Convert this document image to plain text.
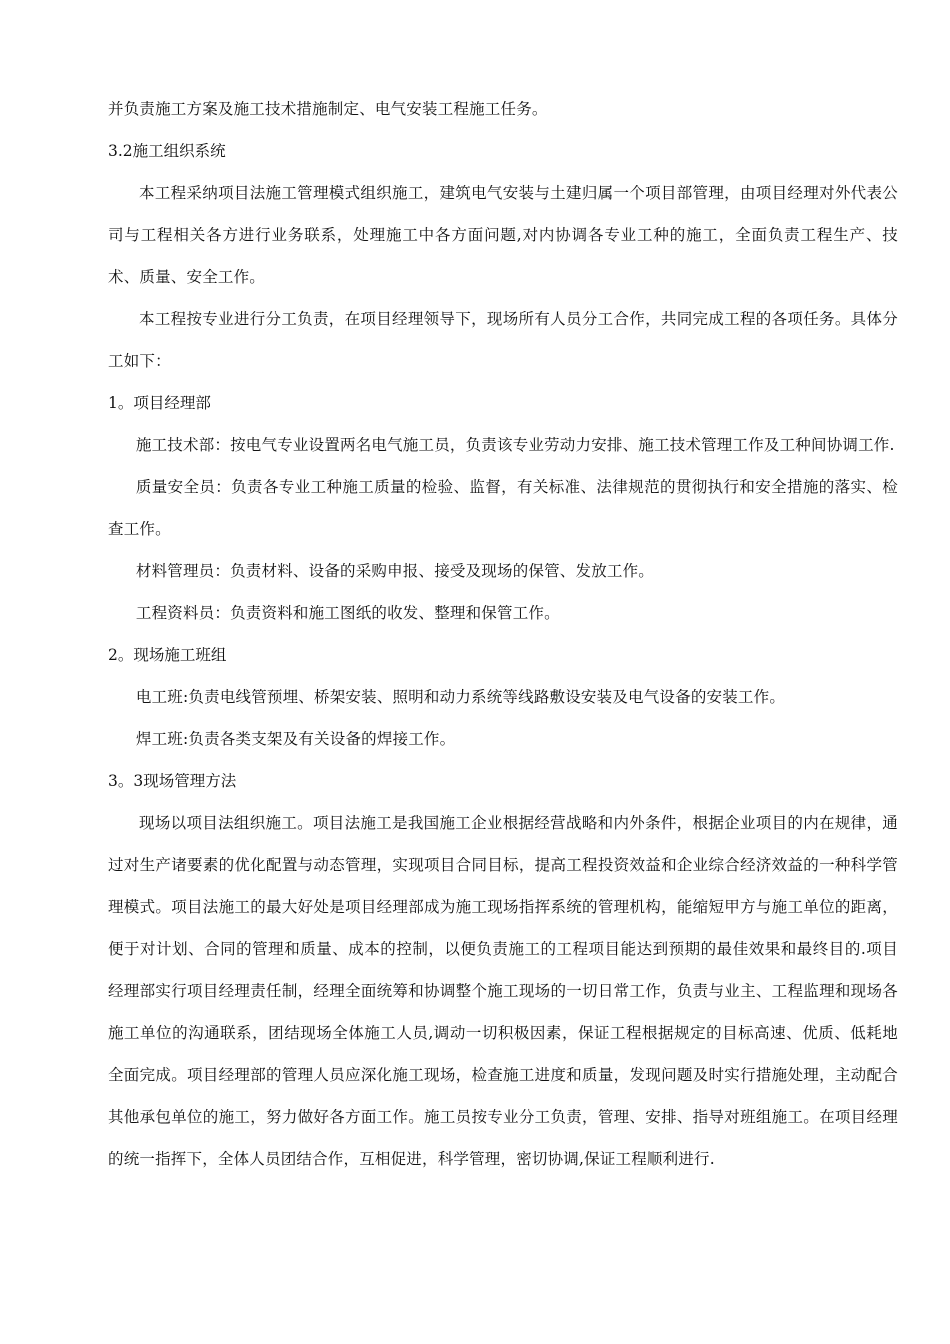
并负责施工方案及施工技术措施制定、电气安装工程施工任务。

3.2施工组织系统

本工程采纳项目法施工管理模式组织施工，建筑电气安装与土建归属一个项目部管理，由项目经理对外代表公司与工程相关各方进行业务联系，处理施工中各方面问题,对内协调各专业工种的施工，全面负责工程生产、技术、质量、安全工作。

本工程按专业进行分工负责，在项目经理领导下，现场所有人员分工合作，共同完成工程的各项任务。具体分工如下：

1。项目经理部

施工技术部：按电气专业设置两名电气施工员，负责该专业劳动力安排、施工技术管理工作及工种间协调工作.

质量安全员：负责各专业工种施工质量的检验、监督，有关标准、法律规范的贯彻执行和安全措施的落实、检查工作。

材料管理员：负责材料、设备的采购申报、接受及现场的保管、发放工作。

工程资料员：负责资料和施工图纸的收发、整理和保管工作。

2。现场施工班组

电工班:负责电线管预埋、桥架安装、照明和动力系统等线路敷设安装及电气设备的安装工作。

焊工班:负责各类支架及有关设备的焊接工作。

3。3现场管理方法

现场以项目法组织施工。项目法施工是我国施工企业根据经营战略和内外条件，根据企业项目的内在规律，通过对生产诸要素的优化配置与动态管理，实现项目合同目标，提高工程投资效益和企业综合经济效益的一种科学管理模式。项目法施工的最大好处是项目经理部成为施工现场指挥系统的管理机构，能缩短甲方与施工单位的距离，便于对计划、合同的管理和质量、成本的控制，以便负责施工的工程项目能达到预期的最佳效果和最终目的.项目经理部实行项目经理责任制，经理全面统筹和协调整个施工现场的一切日常工作，负责与业主、工程监理和现场各施工单位的沟通联系，团结现场全体施工人员,调动一切积极因素，保证工程根据规定的目标高速、优质、低耗地全面完成。项目经理部的管理人员应深化施工现场，检查施工进度和质量，发现问题及时实行措施处理，主动配合其他承包单位的施工，努力做好各方面工作。施工员按专业分工负责，管理、安排、指导对班组施工。在项目经理的统一指挥下，全体人员团结合作，互相促进，科学管理，密切协调,保证工程顺利进行.
